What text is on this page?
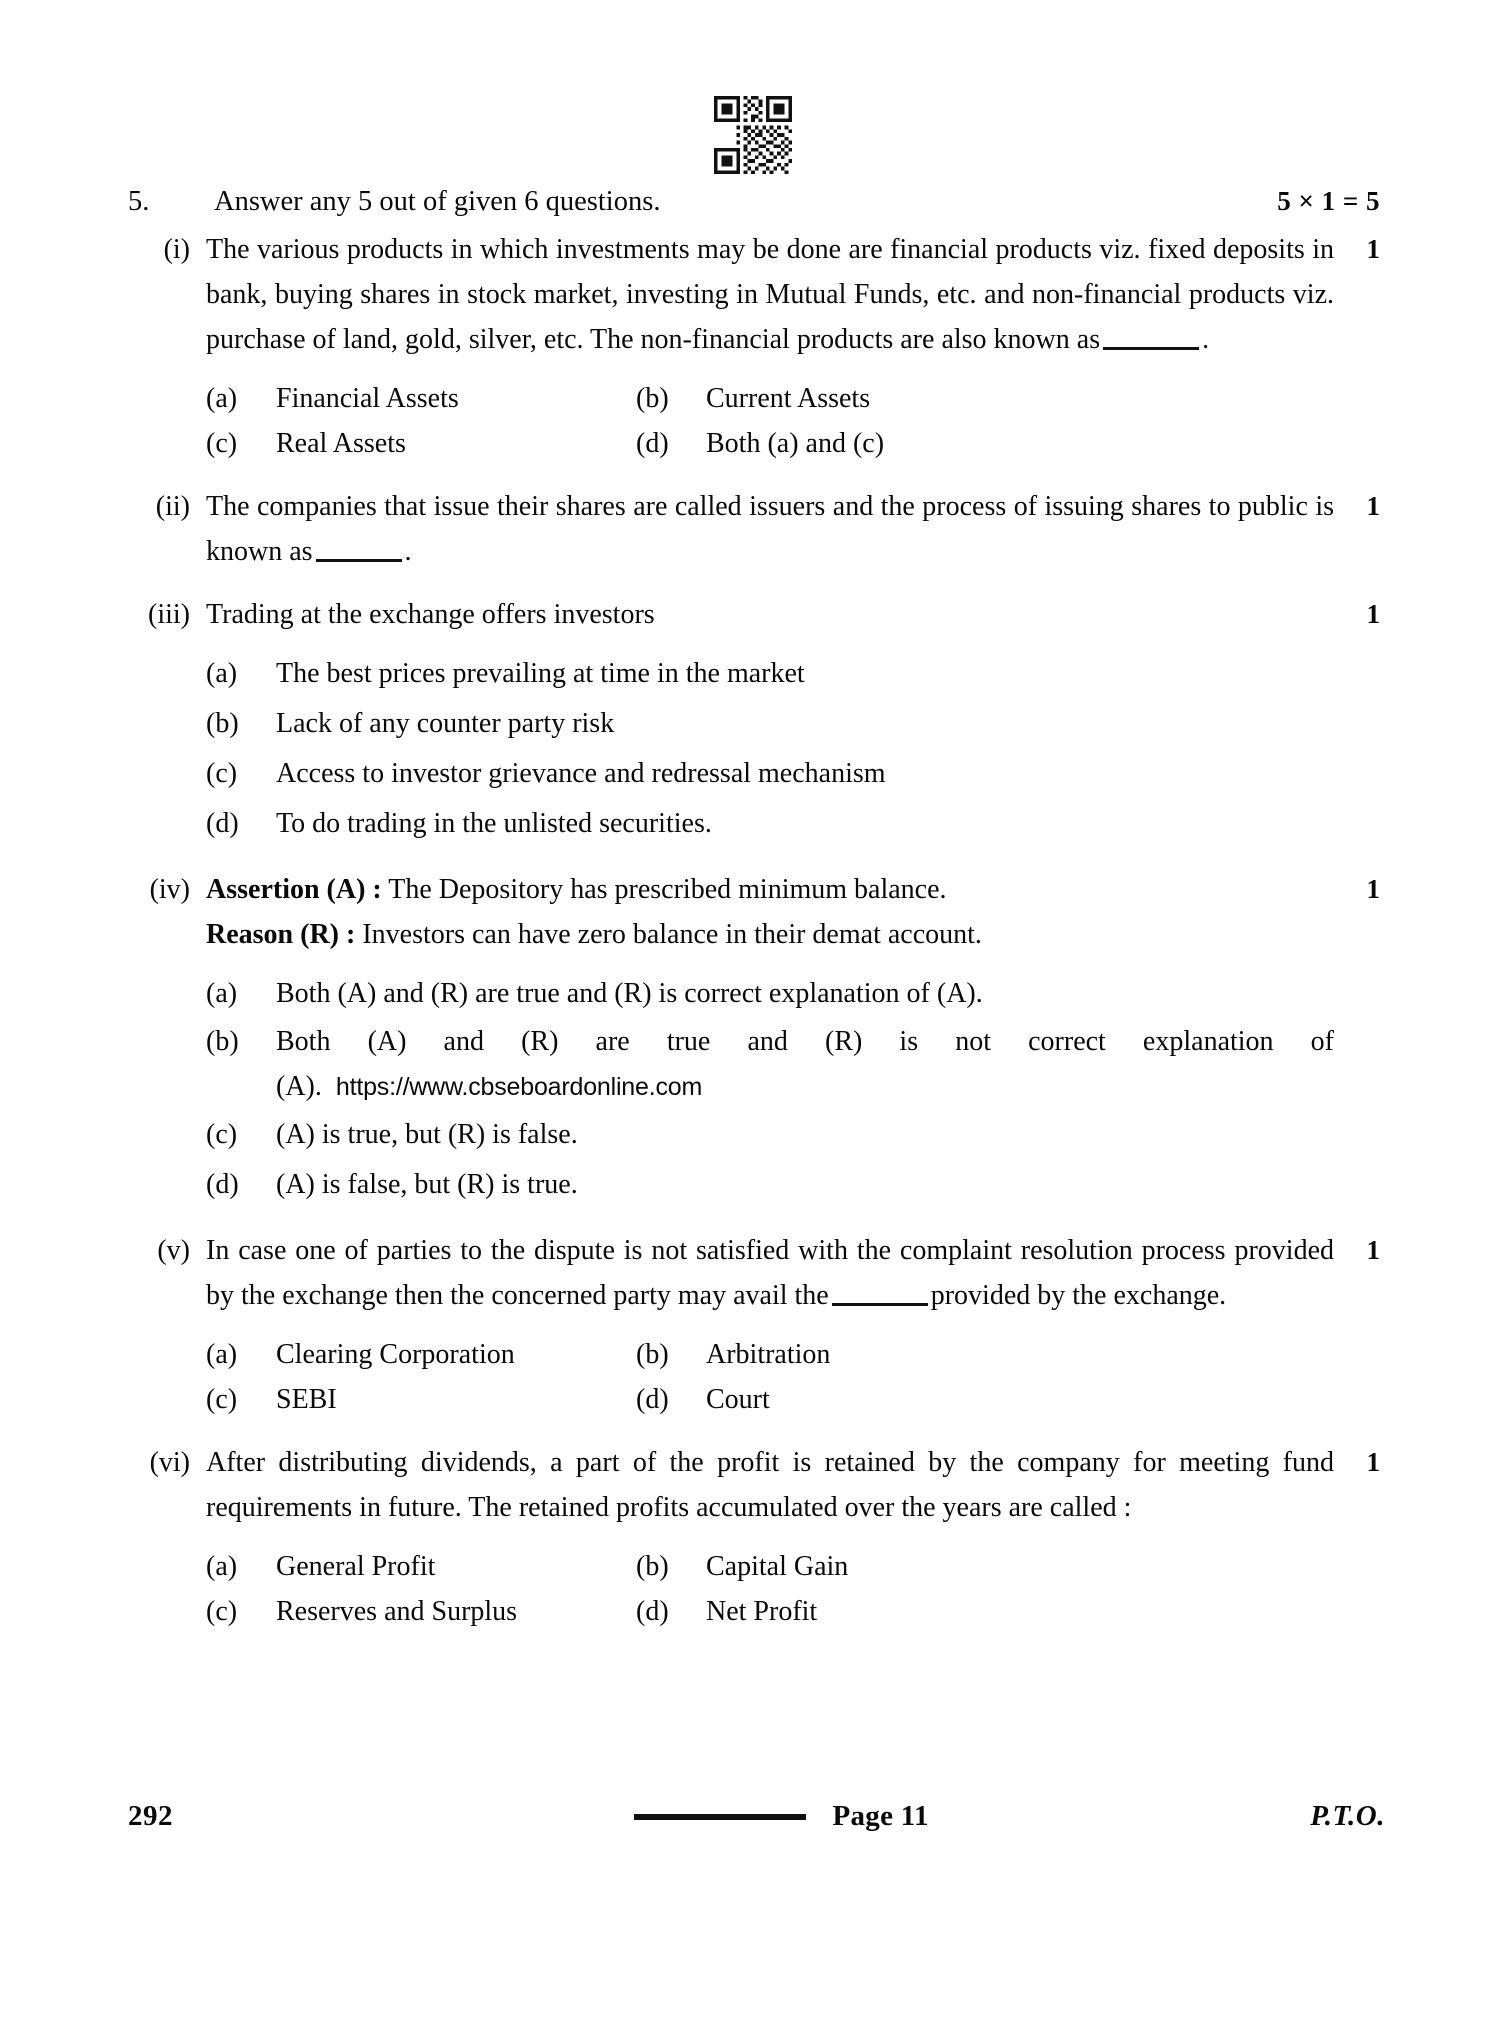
5.	Answer any 5 out of given 6 questions.	5 × 1 = 5
(i) The various products in which investments may be done are financial products viz. fixed deposits in bank, buying shares in stock market, investing in Mutual Funds, etc. and non-financial products viz. purchase of land, gold, silver, etc. The non-financial products are also known as	.

1
(a)	Financial Assets	(b)	Current Assets
(c)	Real Assets	(d)	Both (a) and (c)
(ii) The companies that issue their shares are called issuers and the process of issuing shares to public is known as	.

1
(iii) Trading at the exchange offers investors	1
(a)	The best prices prevailing at time in the market
(b)	Lack of any counter party risk
(c)	Access to investor grievance and redressal mechanism
(d)	To do trading in the unlisted securities.
(iv) Assertion (A) : The Depository has prescribed minimum balance.

Reason (R) : Investors can have zero balance in their demat account.

1
(a)	Both (A) and (R) are true and (R) is correct explanation of (A).
(b)	Both (A) and (R) are true and (R) is not correct explanation of (A). https://www.cbseboardonline.com
(c)	(A) is true, but (R) is false.
(d)	(A) is false, but (R) is true.
(v) In case one of parties to the dispute is not satisfied with the complaint resolution process provided by the exchange then the concerned party may avail the	provided by the exchange.

1
(a)	Clearing Corporation	(b)	Arbitration
(c)	SEBI	(d)	Court
(vi) After distributing dividends, a part of the profit is retained by the company for meeting fund requirements in future. The retained profits accumulated over the years are called :

1
(a)	General Profit	(b)	Capital Gain
(c)	Reserves and Surplus	(d)	Net Profit
292	Page 11	P.T.O.
